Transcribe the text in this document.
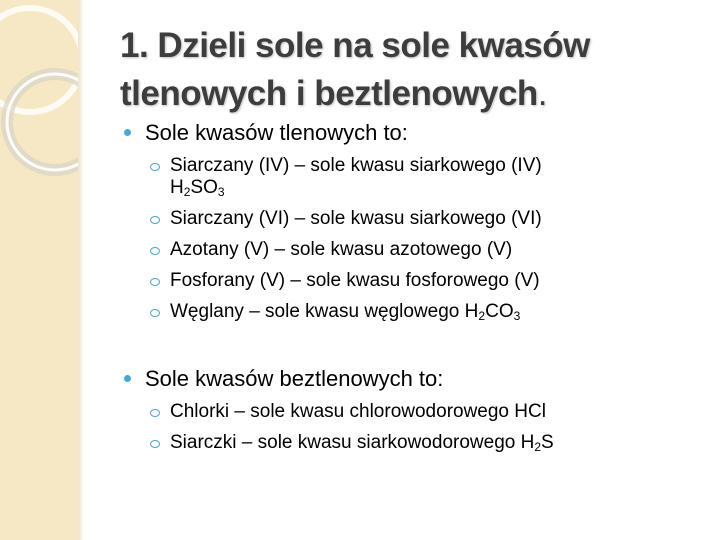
1. Dzieli sole na sole kwasów tlenowych i beztlenowych.
Sole kwasów tlenowych to:
Siarczany (IV) – sole kwasu siarkowego (IV)
$H_2SO_3$
Siarczany (VI) – sole kwasu siarkowego (VI)
Azotany (V) – sole kwasu azotowego (V)
Fosforany (V) – sole kwasu fosforowego (V)
Węglany – sole kwasu węglowego $H_2CO_3$
Sole kwasów beztlenowych to:
Chlorki – sole kwasu chlorowodorowego HCl
Siarczki – sole kwasu siarkowodorowego $H_2S$
